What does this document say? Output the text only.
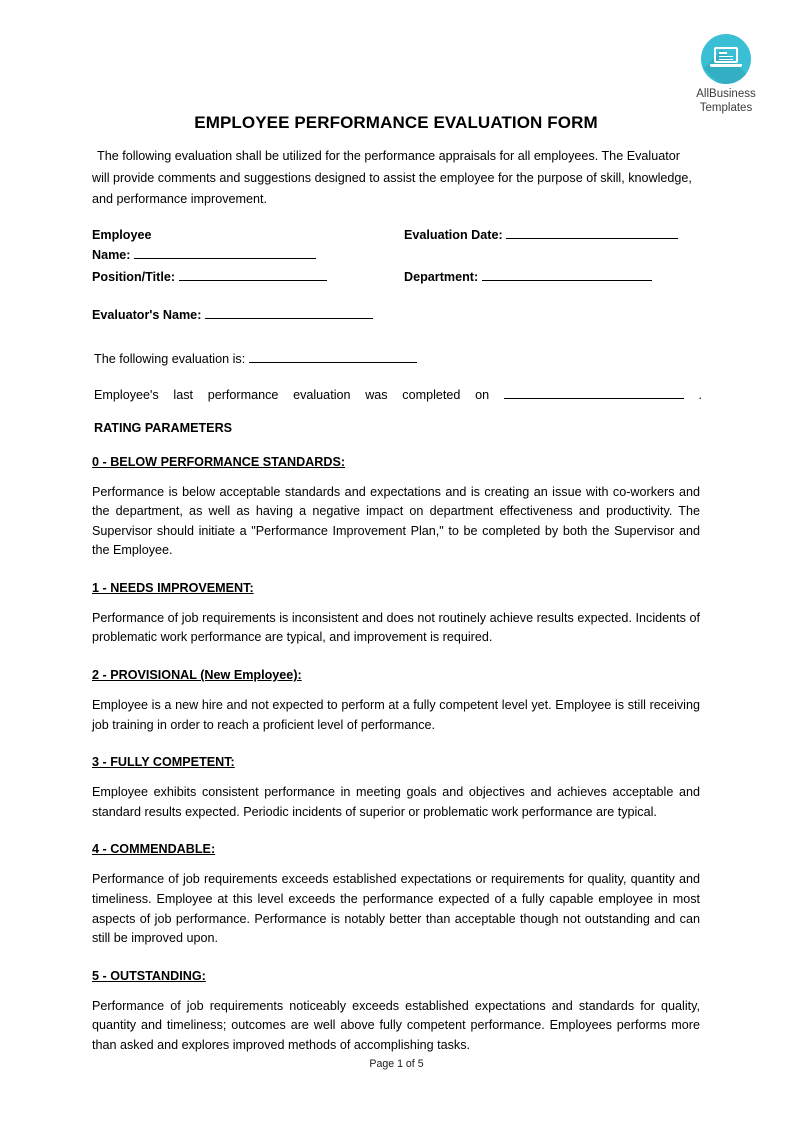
AllBusiness
Templates
EMPLOYEE PERFORMANCE EVALUATION FORM

The following evaluation shall be utilized for the performance appraisals for all employees. The Evaluator will provide comments and suggestions designed to assist the employee for the purpose of skill, knowledge, and performance improvement.

Employee	Evaluation Date:
Name:
Position/Title:	Department:
Evaluator's Name:
The following evaluation is:
Employee's last performance evaluation was completed on	.
RATING PARAMETERS
0 - BELOW PERFORMANCE STANDARDS:

Performance is below acceptable standards and expectations and is creating an issue with co-workers and the department, as well as having a negative impact on department effectiveness and productivity. The Supervisor should initiate a "Performance Improvement Plan," to be completed by both the Supervisor and the Employee.

1 - NEEDS IMPROVEMENT:

Performance of job requirements is inconsistent and does not routinely achieve results expected. Incidents of problematic work performance are typical, and improvement is required.

2 - PROVISIONAL (New Employee):

Employee is a new hire and not expected to perform at a fully competent level yet. Employee is still receiving job training in order to reach a proficient level of performance.

3 - FULLY COMPETENT:

Employee exhibits consistent performance in meeting goals and objectives and achieves acceptable and standard results expected. Periodic incidents of superior or problematic work performance are typical.

4 - COMMENDABLE:

Performance of job requirements exceeds established expectations or requirements for quality, quantity and timeliness. Employee at this level exceeds the performance expected of a fully capable employee in most aspects of job performance. Performance is notably better than acceptable though not outstanding and can still be improved upon.

5 - OUTSTANDING:

Performance of job requirements noticeably exceeds established expectations and standards for quality, quantity and timeliness; outcomes are well above fully competent performance. Employees performs more than asked and explores improved methods of accomplishing tasks.

Page 1 of 5
